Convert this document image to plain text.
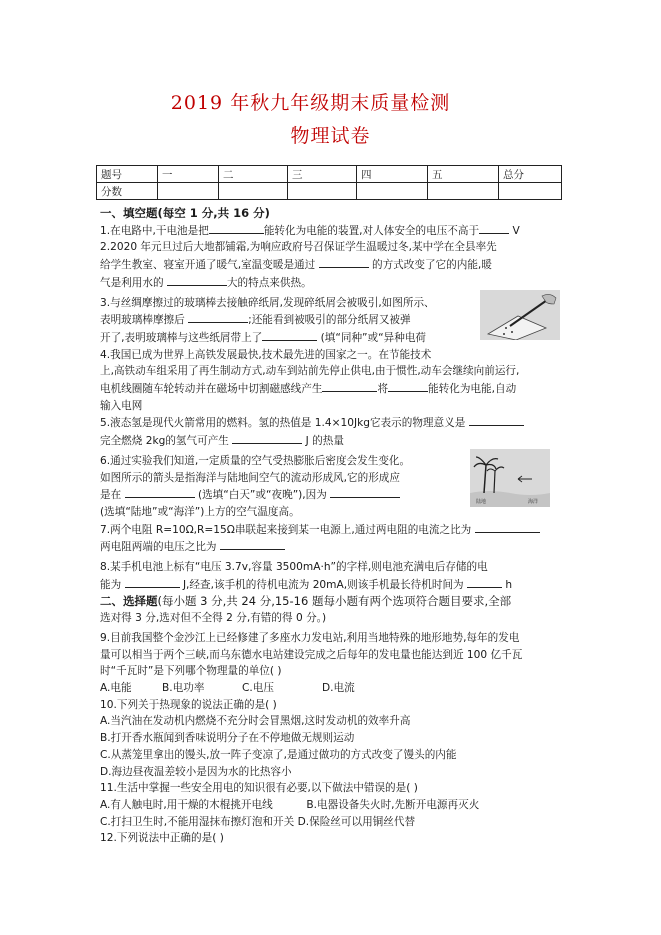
2019 年秋九年级期末质量检测
物理试卷
题号	一	二	三	四	五	总分
分数						
一、填空题(每空 1 分,共 16 分)
1.在电路中,干电池是把	能转化为电能的装置,对人体安全的电压不高于	V
2.2020 年元旦过后大地都铺霜,为响应政府号召保证学生温暖过冬,某中学在全县率先
给学生教室、寝室开通了暖气,室温变暖是通过	的方式改变了它的内能,暖
气是利用水的	大的特点来供热。
3.与丝绸摩擦过的玻璃棒去接触碎纸屑,发现碎纸屑会被吸引,如图所示、
表明玻璃棒摩擦后	;还能看到被吸引的部分纸屑又被弹
开了,表明玻璃棒与这些纸屑带上了	(填“同种”或“异种电荷
4.我国已成为世界上高铁发展最快,技术最先进的国家之一。在节能技术
上,高铁动车组采用了再生制动方式,动车到站前先停止供电,由于惯性,动车会继续向前运行,
电机线圈随车轮转动并在磁场中切割磁感线产生	将	能转化为电能,自动
输入电网
5.液态氢是现代火箭常用的燃料。氢的热值是 1.4×10Jkg它表示的物理意义是
完全燃烧 2kg的氢气可产生	J 的热量
6.通过实验我们知道,一定质量的空气受热膨胀后密度会发生变化。
如图所示的箭头是指海洋与陆地间空气的流动形成风,它的形成应
是在	(选填“白天”或“夜晚”),因为
(选填“陆地”或“海洋”)上方的空气温度高。
7.两个电阻 R=10Ω,R=15Ω串联起来接到某一电源上,通过两电阻的电流之比为
两电阻两端的电压之比为
8.某手机电池上标有“电压 3.7v,容量 3500mA·h”的字样,则电池充满电后存储的电
能为	J,经查,该手机的待机电流为 20mA,则该手机最长待机时间为	h
二、选择题(每小题 3 分,共 24 分,15-16 题每小题有两个选项符合题目要求,全部
选对得 3 分,选对但不全得 2 分,有错的得 0 分。)
9.目前我国整个金沙江上已经修建了多座水力发电站,利用当地特殊的地形地势,每年的发电
量可以相当于两个三峡,而乌东德水电站建设完成之后每年的发电量也能达到近 100 亿千瓦
时“千瓦时”是下列哪个物理量的单位( )
A.电能	B.电功率	C.电压	D.电流
10.下列关于热现象的说法正确的是( )
A.当汽油在发动机内燃烧不充分时会冒黑烟,这时发动机的效率升高
B.打开香水瓶闻到香味说明分子在不停地做无规则运动
C.从蒸笼里拿出的馒头,放一阵子变凉了,是通过做功的方式改变了馒头的内能
D.海边昼夜温差较小是因为水的比热容小
11.生活中掌握一些安全用电的知识很有必要,以下做法中错误的是( )
A.有人触电时,用干燥的木棍挑开电线          B.电器设备失火时,先断开电源再灭火
C.打扫卫生时,不能用湿抹布擦灯泡和开关 D.保险丝可以用铜丝代替
12.下列说法中正确的是( )
陆地	海洋
